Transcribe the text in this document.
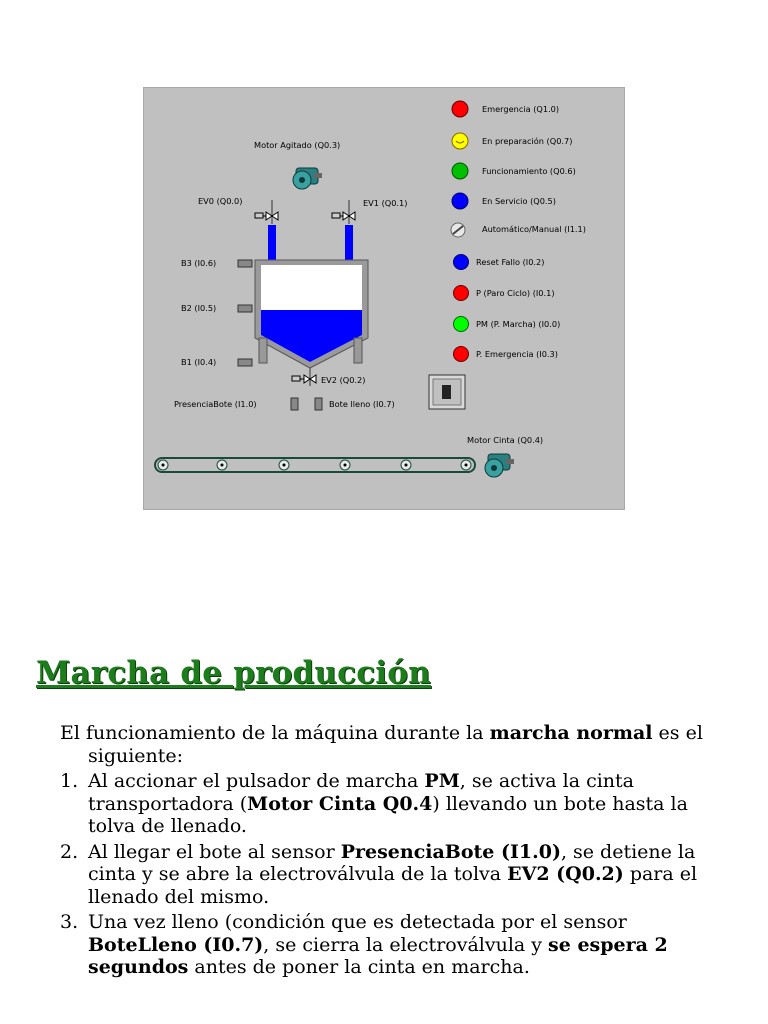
Emergencia (Q1.0)
En preparación (Q0.7)
Funcionamiento (Q0.6)
En Servicio (Q0.5)
Automático/Manual (I1.1)
Reset Fallo (I0.2)
P (Paro Ciclo) (I0.1)
PM (P. Marcha) (I0.0)
P. Emergencia (I0.3)
Motor Agitado (Q0.3)
EV0 (Q0.0)	EV1 (Q0.1)
B3 (I0.6)
B2 (I0.5)
B1 (I0.4)
EV2 (Q0.2)
PresenciaBote (I1.0)	Bote lleno (I0.7)
Motor Cinta (Q0.4)
Marcha de producción

El funcionamiento de la máquina durante la marcha normal es el siguiente:

1. Al accionar el pulsador de marcha PM, se activa la cinta transportadora (Motor Cinta Q0.4) llevando un bote hasta la tolva de llenado.
2. Al llegar el bote al sensor PresenciaBote (I1.0), se detiene la cinta y se abre la electroválvula de la tolva EV2 (Q0.2) para el llenado del mismo.
3. Una vez lleno (condición que es detectada por el sensor BoteLleno (I0.7), se cierra la electroválvula y se espera 2 segundos antes de poner la cinta en marcha.
